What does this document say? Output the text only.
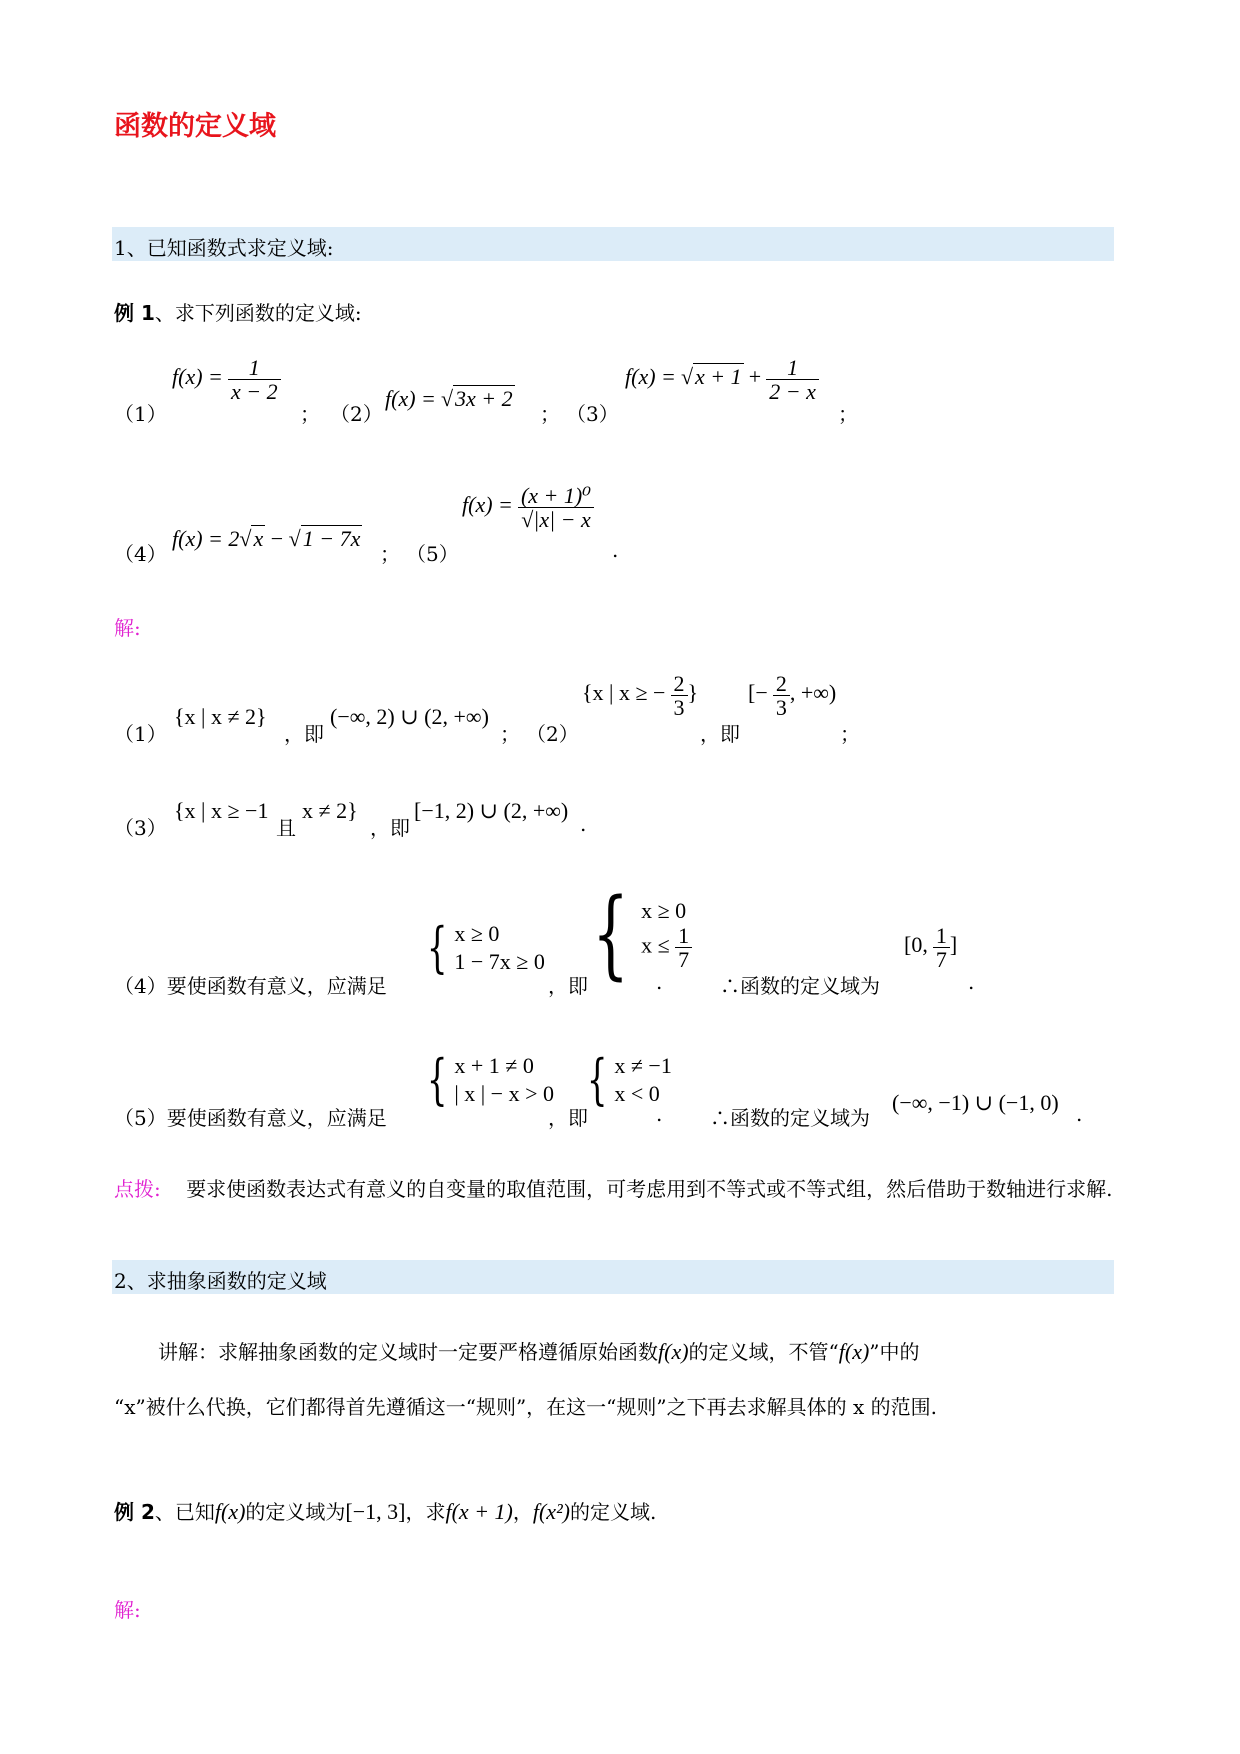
函数的定义域
1、已知函数式求定义域:
例 1、求下列函数的定义域:
（1）
$f(x) = \frac{1}{x - 2}$
； （2）
f(x) = √3x + 2
； （3）
$f(x) = √x + 1 + \frac{1}{2 - x}$
；
（4）
f(x) = 2√x − √1 − 7x
； （5）
$f(x) = \frac{\text{(x + 1)⁰}}{√|x| - x}$
.
解:
（1）
{x | x ≠ 2}
，即
(−∞, 2) ∪ (2, +∞)
； （2）
{x | x ≥ − $\frac{2}{3}$ }
，即
[− $\frac{2}{3}$ , +∞)
；
（3）
{x | x ≥ −1
且
x ≠ 2}
，即
[−1, 2) ∪ (2, +∞)
.
（4）要使函数有意义，应满足
{ x ≥ 0
1 − 7x ≥ 0
，即 { x ≥ 0
$x \le \frac{1}{7}$
.	∴函数的定义域为
[0, $\frac{1}{7}$ ]
.
（5）要使函数有意义，应满足
{ x + 1 ≠ 0
| x | − x > 0
，即
{ x ≠ −1
x < 0
. ∴函数的定义域为
(−∞, −1) ∪ (−1, 0) .
点拨: 要求使函数表达式有意义的自变量的取值范围，可考虑用到不等式或不等式组，然后借助于数轴进行求解.
2、求抽象函数的定义域
讲解：求解抽象函数的定义域时一定要严格遵循原始函数f(x)的定义域，不管“f(x)”中的
“x”被什么代换，它们都得首先遵循这一“规则”，在这一“规则”之下再去求解具体的 x 的范围.
例 2、已知f(x)的定义域为[−1, 3]，求f(x + 1)，f(x²)的定义域.
解:
